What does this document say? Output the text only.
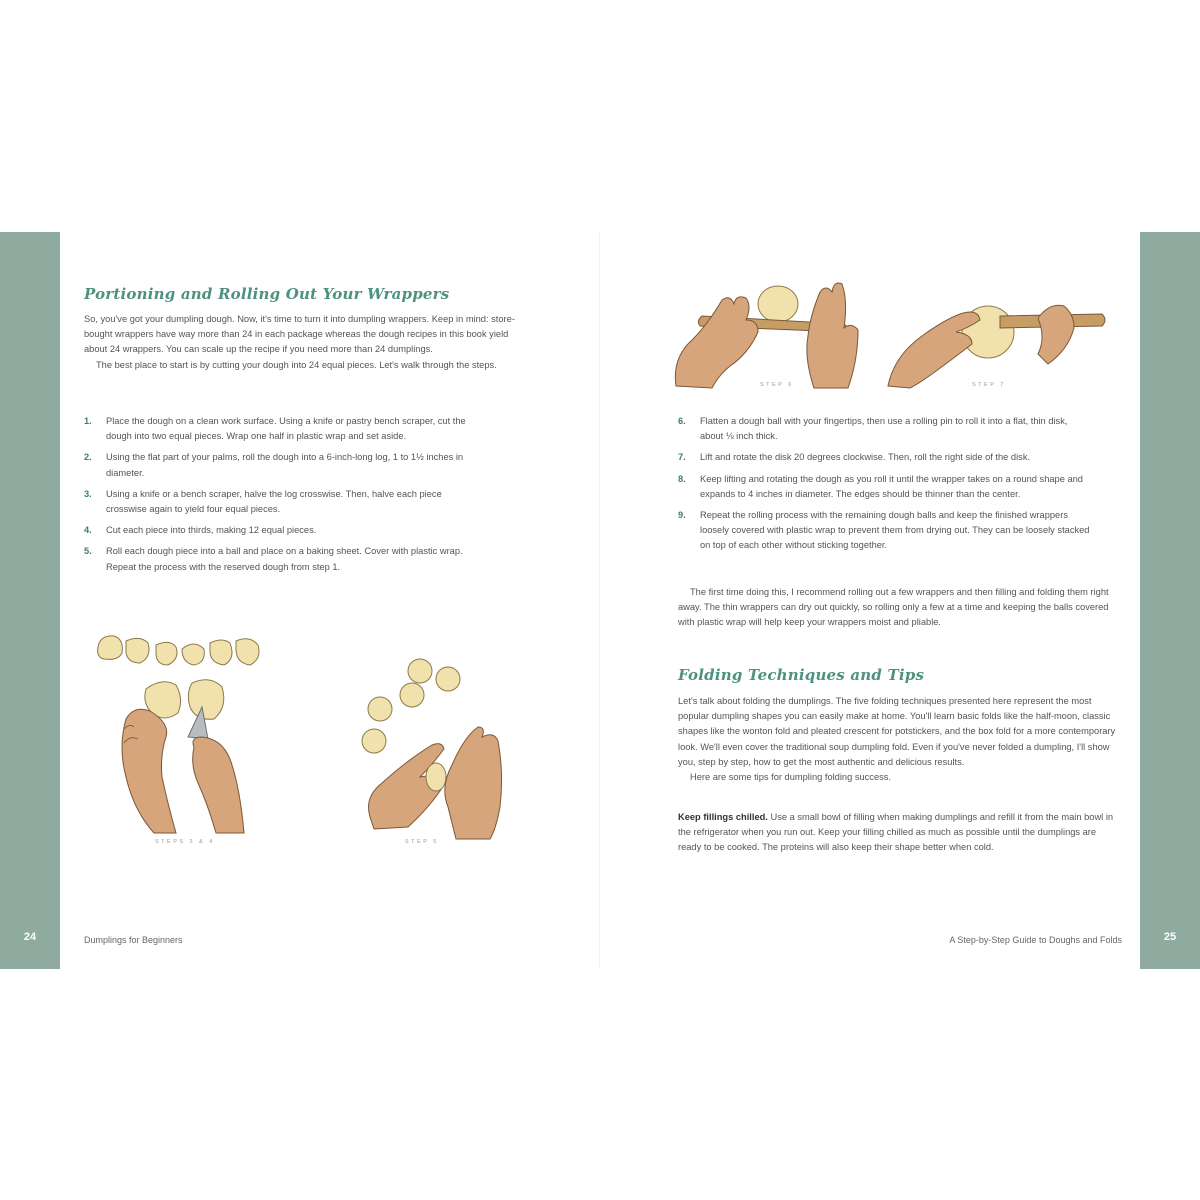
24	25
Portioning and Rolling Out Your Wrappers

So, you've got your dumpling dough. Now, it's time to turn it into dumpling wrappers. Keep in mind: store-bought wrappers have way more than 24 in each package whereas the dough recipes in this book yield about 24 wrappers. You can scale up the recipe if you need more than 24 dumplings.

The best place to start is by cutting your dough into 24 equal pieces. Let's walk through the steps.

1. Place the dough on a clean work surface. Using a knife or pastry bench scraper, cut the dough into two equal pieces. Wrap one half in plastic wrap and set aside.
2. Using the flat part of your palms, roll the dough into a 6-inch-long log, 1 to 1½ inches in diameter.
3. Using a knife or a bench scraper, halve the log crosswise. Then, halve each piece crosswise again to yield four equal pieces.
4. Cut each piece into thirds, making 12 equal pieces.
5. Roll each dough piece into a ball and place on a baking sheet. Cover with plastic wrap. Repeat the process with the reserved dough from step 1.
STEPS 3 & 4	STEP 5
Dumplings for Beginners
STEP 6	STEP 7
6. Flatten a dough ball with your fingertips, then use a rolling pin to roll it into a flat, thin disk, about ⅛ inch thick.
7. Lift and rotate the disk 20 degrees clockwise. Then, roll the right side of the disk.
8. Keep lifting and rotating the dough as you roll it until the wrapper takes on a round shape and expands to 4 inches in diameter. The edges should be thinner than the center.
9. Repeat the rolling process with the remaining dough balls and keep the finished wrappers loosely covered with plastic wrap to prevent them from drying out. They can be loosely stacked on top of each other without sticking together.

The first time doing this, I recommend rolling out a few wrappers and then filling and folding them right away. The thin wrappers can dry out quickly, so rolling only a few at a time and keeping the balls covered with plastic wrap will help keep your wrappers moist and pliable.

Folding Techniques and Tips

Let's talk about folding the dumplings. The five folding techniques presented here represent the most popular dumpling shapes you can easily make at home. You'll learn basic folds like the half-moon, classic shapes like the wonton fold and pleated crescent for potstickers, and the box fold for a more contemporary look. We'll even cover the traditional soup dumpling fold. Even if you've never folded a dumpling, I'll show you, step by step, how to get the most authentic and delicious results.

Here are some tips for dumpling folding success.

Keep fillings chilled. Use a small bowl of filling when making dumplings and refill it from the main bowl in the refrigerator when you run out. Keep your filling chilled as much as possible until the dumplings are ready to be cooked. The proteins will also keep their shape better when cold.

A Step-by-Step Guide to Doughs and Folds
